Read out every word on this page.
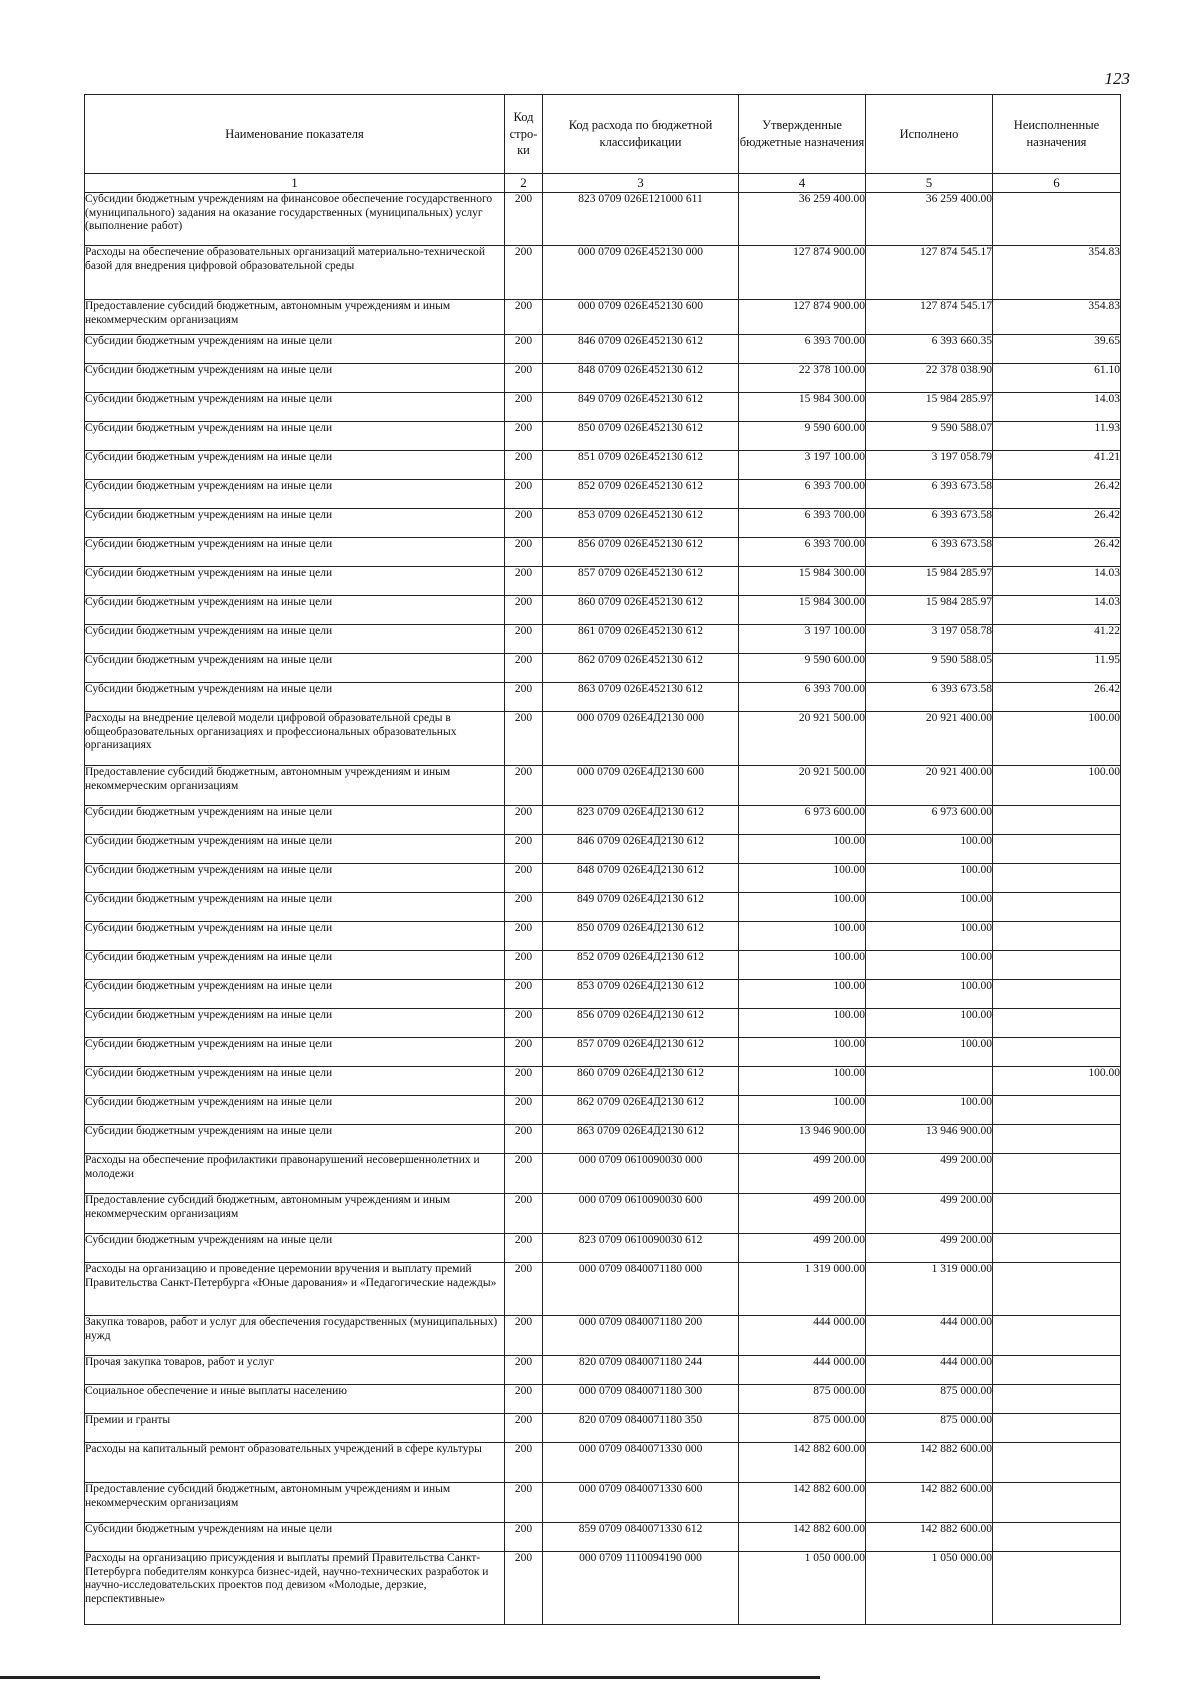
123
Наименование показателя	Код стро-ки	Код расхода по бюджетной классификации	Утвержденные бюджетные назначения	Исполнено	Неисполненные назначения
1	2	3	4	5	6
Субсидии бюджетным учреждениям на финансовое обеспечение государственного (муниципального) задания на оказание государственных (муниципальных) услуг (выполнение работ)	200	823 0709 026Е121000 611	36 259 400.00	36 259 400.00	
Расходы на обеспечение образовательных организаций материально-технической базой для внедрения цифровой образовательной среды	200	000 0709 026Е452130 000	127 874 900.00	127 874 545.17	354.83
Предоставление субсидий бюджетным, автономным учреждениям и иным некоммерческим организациям	200	000 0709 026Е452130 600	127 874 900.00	127 874 545.17	354.83
Субсидии бюджетным учреждениям на иные цели	200	846 0709 026Е452130 612	6 393 700.00	6 393 660.35	39.65
Субсидии бюджетным учреждениям на иные цели	200	848 0709 026Е452130 612	22 378 100.00	22 378 038.90	61.10
Субсидии бюджетным учреждениям на иные цели	200	849 0709 026Е452130 612	15 984 300.00	15 984 285.97	14.03
Субсидии бюджетным учреждениям на иные цели	200	850 0709 026Е452130 612	9 590 600.00	9 590 588.07	11.93
Субсидии бюджетным учреждениям на иные цели	200	851 0709 026Е452130 612	3 197 100.00	3 197 058.79	41.21
Субсидии бюджетным учреждениям на иные цели	200	852 0709 026Е452130 612	6 393 700.00	6 393 673.58	26.42
Субсидии бюджетным учреждениям на иные цели	200	853 0709 026Е452130 612	6 393 700.00	6 393 673.58	26.42
Субсидии бюджетным учреждениям на иные цели	200	856 0709 026Е452130 612	6 393 700.00	6 393 673.58	26.42
Субсидии бюджетным учреждениям на иные цели	200	857 0709 026Е452130 612	15 984 300.00	15 984 285.97	14.03
Субсидии бюджетным учреждениям на иные цели	200	860 0709 026Е452130 612	15 984 300.00	15 984 285.97	14.03
Субсидии бюджетным учреждениям на иные цели	200	861 0709 026Е452130 612	3 197 100.00	3 197 058.78	41.22
Субсидии бюджетным учреждениям на иные цели	200	862 0709 026Е452130 612	9 590 600.00	9 590 588.05	11.95
Субсидии бюджетным учреждениям на иные цели	200	863 0709 026Е452130 612	6 393 700.00	6 393 673.58	26.42
Расходы на внедрение целевой модели цифровой образовательной среды в общеобразовательных организациях и профессиональных образовательных организациях	200	000 0709 026Е4Д2130 000	20 921 500.00	20 921 400.00	100.00
Предоставление субсидий бюджетным, автономным учреждениям и иным некоммерческим организациям	200	000 0709 026Е4Д2130 600	20 921 500.00	20 921 400.00	100.00
Субсидии бюджетным учреждениям на иные цели	200	823 0709 026Е4Д2130 612	6 973 600.00	6 973 600.00	
Субсидии бюджетным учреждениям на иные цели	200	846 0709 026Е4Д2130 612	100.00	100.00	
Субсидии бюджетным учреждениям на иные цели	200	848 0709 026Е4Д2130 612	100.00	100.00	
Субсидии бюджетным учреждениям на иные цели	200	849 0709 026Е4Д2130 612	100.00	100.00	
Субсидии бюджетным учреждениям на иные цели	200	850 0709 026Е4Д2130 612	100.00	100.00	
Субсидии бюджетным учреждениям на иные цели	200	852 0709 026Е4Д2130 612	100.00	100.00	
Субсидии бюджетным учреждениям на иные цели	200	853 0709 026Е4Д2130 612	100.00	100.00	
Субсидии бюджетным учреждениям на иные цели	200	856 0709 026Е4Д2130 612	100.00	100.00	
Субсидии бюджетным учреждениям на иные цели	200	857 0709 026Е4Д2130 612	100.00	100.00	
Субсидии бюджетным учреждениям на иные цели	200	860 0709 026Е4Д2130 612	100.00		100.00
Субсидии бюджетным учреждениям на иные цели	200	862 0709 026Е4Д2130 612	100.00	100.00	
Субсидии бюджетным учреждениям на иные цели	200	863 0709 026Е4Д2130 612	13 946 900.00	13 946 900.00	
Расходы на обеспечение профилактики правонарушений несовершеннолетних и молодежи	200	000 0709 0610090030 000	499 200.00	499 200.00	
Предоставление субсидий бюджетным, автономным учреждениям и иным некоммерческим организациям	200	000 0709 0610090030 600	499 200.00	499 200.00	
Субсидии бюджетным учреждениям на иные цели	200	823 0709 0610090030 612	499 200.00	499 200.00	
Расходы на организацию и проведение церемонии вручения и выплату премий Правительства Санкт-Петербурга «Юные дарования» и «Педагогические надежды»	200	000 0709 0840071180 000	1 319 000.00	1 319 000.00	
Закупка товаров, работ и услуг для обеспечения государственных (муниципальных) нужд	200	000 0709 0840071180 200	444 000.00	444 000.00	
Прочая закупка товаров, работ и услуг	200	820 0709 0840071180 244	444 000.00	444 000.00	
Социальное обеспечение и иные выплаты населению	200	000 0709 0840071180 300	875 000.00	875 000.00	
Премии и гранты	200	820 0709 0840071180 350	875 000.00	875 000.00	
Расходы на капитальный ремонт образовательных учреждений в сфере культуры	200	000 0709 0840071330 000	142 882 600.00	142 882 600.00	
Предоставление субсидий бюджетным, автономным учреждениям и иным некоммерческим организациям	200	000 0709 0840071330 600	142 882 600.00	142 882 600.00	
Субсидии бюджетным учреждениям на иные цели	200	859 0709 0840071330 612	142 882 600.00	142 882 600.00	
Расходы на организацию присуждения и выплаты премий Правительства Санкт-Петербурга победителям конкурса бизнес-идей, научно-технических разработок и научно-исследовательских проектов под девизом «Молодые, дерзкие, перспективные»	200	000 0709 1110094190 000	1 050 000.00	1 050 000.00	
